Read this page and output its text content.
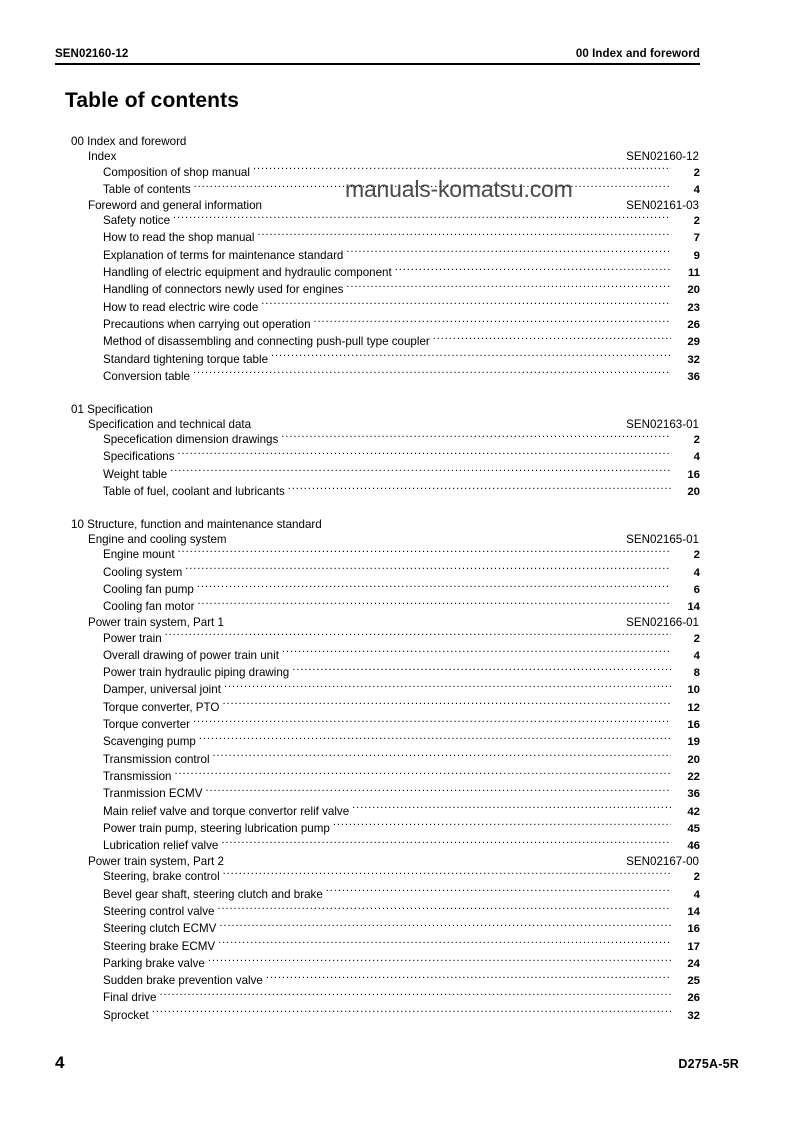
SEN02160-12	00 Index and foreword
Table of contents
00 Index and foreword
Index	SEN02160-12
Composition of shop manual .....	2
Table of contents .....	4
Foreword and general information	SEN02161-03
Safety notice .....	2
How to read the shop manual .....	7
Explanation of terms for maintenance standard .....	9
Handling of electric equipment and hydraulic component .....	11
Handling of connectors newly used for engines .....	20
How to read electric wire code .....	23
Precautions when carrying out operation .....	26
Method of disassembling and connecting push-pull type coupler .....	29
Standard tightening torque table .....	32
Conversion table .....	36
01 Specification
Specification and technical data	SEN02163-01
Specefication dimension drawings .....	2
Specifications .....	4
Weight table .....	16
Table of fuel, coolant and lubricants .....	20
10 Structure, function and maintenance standard
Engine and cooling system	SEN02165-01
Engine mount .....	2
Cooling system .....	4
Cooling fan pump .....	6
Cooling fan motor .....	14
Power train system, Part 1	SEN02166-01
Power train .....	2
Overall drawing of power train unit .....	4
Power train hydraulic piping drawing .....	8
Damper, universal joint .....	10
Torque converter, PTO .....	12
Torque converter .....	16
Scavenging pump .....	19
Transmission control .....	20
Transmission .....	22
Tranmission ECMV .....	36
Main relief valve and torque convertor relif valve .....	42
Power train pump, steering lubrication pump .....	45
Lubrication relief valve .....	46
Power train system, Part 2	SEN02167-00
Steering, brake control .....	2
Bevel gear shaft, steering clutch and brake .....	4
Steering control valve .....	14
Steering clutch ECMV .....	16
Steering brake ECMV .....	17
Parking brake valve .....	24
Sudden brake prevention valve .....	25
Final drive .....	26
Sprocket .....	32
manuals-komatsu.com
4	D275A-5R
